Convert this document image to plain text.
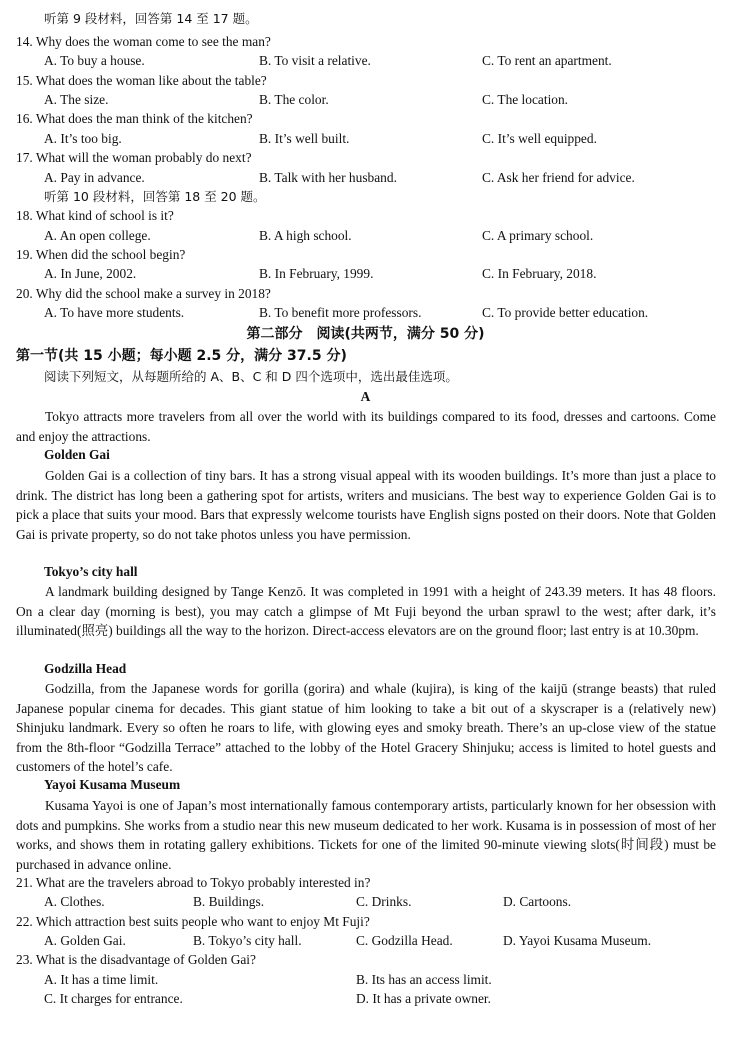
听第 9 段材料，回答第 14 至 17 题。
14. Why does the woman come to see the man?
A. To buy a house.	B. To visit a relative.	C. To rent an apartment.
15. What does the woman like about the table?
A. The size.	B. The color.	C. The location.
16. What does the man think of the kitchen?
A. It’s too big.	B. It’s well built.	C. It’s well equipped.
17. What will the woman probably do next?
A. Pay in advance.	B. Talk with her husband.	C. Ask her friend for advice.
听第 10 段材料，回答第 18 至 20 题。
18. What kind of school is it?
A. An open college.	B. A high school.	C. A primary school.
19. When did the school begin?
A. In June, 2002.	B. In February, 1999.	C. In February, 2018.
20. Why did the school make a survey in 2018?
A. To have more students.	B. To benefit more professors.	C. To provide better education.
第二部分　阅读(共两节，满分 50 分)
第一节(共 15 小题；每小题 2.5 分，满分 37.5 分)
阅读下列短文，从每题所给的 A、B、C 和 D 四个选项中，选出最佳选项。
A
Tokyo attracts more travelers from all over the world with its buildings compared to its food, dresses and cartoons. Come and enjoy the attractions.
Golden Gai
Golden Gai is a collection of tiny bars. It has a strong visual appeal with its wooden buildings. It’s more than just a place to drink. The district has long been a gathering spot for artists, writers and musicians. The best way to experience Golden Gai is to pick a place that suits your mood. Bars that expressly welcome tourists have English signs posted on their doors. Note that Golden Gai is private property, so do not take photos unless you have permission.
Tokyo’s city hall
A landmark building designed by Tange Kenzō. It was completed in 1991 with a height of 243.39 meters. It has 48 floors. On a clear day (morning is best), you may catch a glimpse of Mt Fuji beyond the urban sprawl to the west; after dark, it’s illuminated(照亮) buildings all the way to the horizon. Direct-access elevators are on the ground floor; last entry is at 10.30pm.
Godzilla Head
Godzilla, from the Japanese words for gorilla (gorira) and whale (kujira), is king of the kaijū (strange beasts) that ruled Japanese popular cinema for decades. This giant statue of him looking to take a bit out of a skyscraper is a (relatively new) Shinjuku landmark. Every so often he roars to life, with glowing eyes and smoky breath. There’s an up-close view of the statue from the 8th-floor “Godzilla Terrace” attached to the lobby of the Hotel Gracery Shinjuku; access is limited to hotel guests and customers of the hotel’s cafe.
Yayoi Kusama Museum
Kusama Yayoi is one of Japan’s most internationally famous contemporary artists, particularly known for her obsession with dots and pumpkins. She works from a studio near this new museum dedicated to her work. Kusama is in possession of most of her works, and shows them in rotating gallery exhibitions. Tickets for one of the limited 90-minute viewing slots(时间段) must be purchased in advance online.
21. What are the travelers abroad to Tokyo probably interested in?
A. Clothes.	B. Buildings.	C. Drinks.	D. Cartoons.
22. Which attraction best suits people who want to enjoy Mt Fuji?
A. Golden Gai.	B. Tokyo’s city hall.	C. Godzilla Head.	D. Yayoi Kusama Museum.
23. What is the disadvantage of Golden Gai?
A. It has a time limit.	B. Its has an access limit.
C. It charges for entrance.	D. It has a private owner.
